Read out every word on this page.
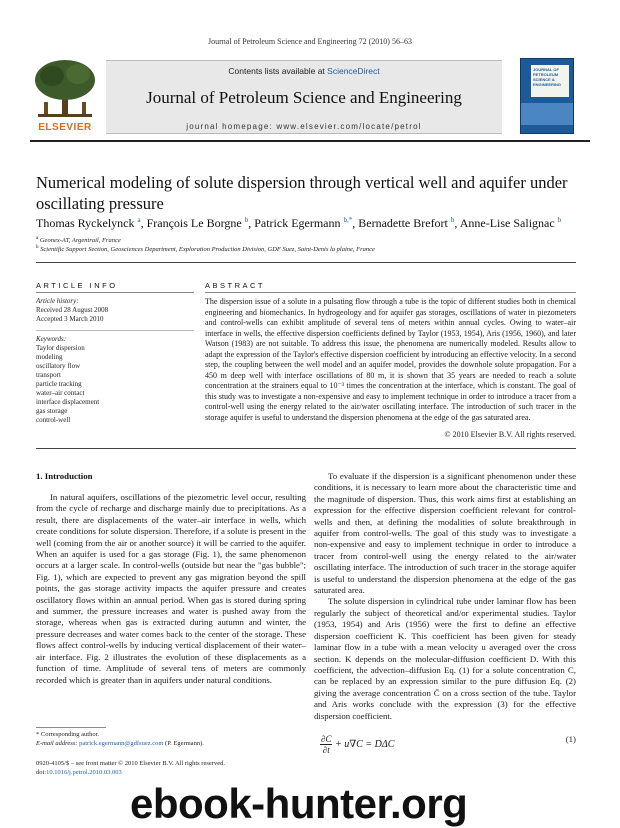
Journal of Petroleum Science and Engineering 72 (2010) 56–63
ELSEVIER
Contents lists available at ScienceDirect
Journal of Petroleum Science and Engineering
journal homepage: www.elsevier.com/locate/petrol
JOURNAL OF PETROLEUM SCIENCE & ENGINEERING
Numerical modeling of solute dispersion through vertical well and aquifer under oscillating pressure
Thomas Ryckelynck $^a$, François Le Borgne $^b$, Patrick Egermann $^{b,*}$, Bernadette Brefort $^b$, Anne-Lise Salignac $^b$
$^a$ Geonex-AT, Argentrail, France
$^b$ Scientific Support Section, Geosciences Department, Exploration Production Division, GDF Suez, Saint-Denis la plaine, France
ARTICLE INFO
Article history:
Received 28 August 2008
Accepted 3 March 2010
Keywords:
Taylor dispersion
modeling
oscillatory flow
transport
particle tracking
water–air contact
interface displacement
gas storage
control-well
ABSTRACT
The dispersion issue of a solute in a pulsating flow through a tube is the topic of different studies both in chemical engineering and biomechanics. In hydrogeology and for aquifer gas storages, oscillations of water in piezometers and control-wells can exhibit amplitude of several tens of meters within annual cycles. Owing to water–air interface in wells, the effective dispersion coefficients defined by Taylor (1953, 1954), Aris (1956, 1960), and later Watson (1983) are not suitable. To address this issue, the phenomena are numerically modeled. Results allow to adapt the expression of the Taylor's effective dispersion coefficient by introducing an effective velocity. In a second step, the coupling between the well model and an aquifer model, provides the downhole solute propagation. For a 450 m deep well with interface oscillations of 80 m, it is shown that 35 years are needed to reach a solute concentration at the strainers equal to 10⁻³ times the concentration at the interface, which is constant. The goal of this study was to investigate a non-expensive and easy to implement technique in order to introduce a tracer from a control-well using the energy related to the air/water oscillating interface. The introduction of such tracer in the storage aquifer is useful to understand the dispersion phenomena at the edge of the gas saturated area.
© 2010 Elsevier B.V. All rights reserved.
1. Introduction

In natural aquifers, oscillations of the piezometric level occur, resulting from the cycle of recharge and discharge mainly due to precipitations. As a result, there are displacements of the water–air interface in wells, which create conditions for solute dispersion. Therefore, if a solute is present in the well (coming from the air or another source) it will be carried to the aquifer. When an aquifer is used for a gas storage (Fig. 1), the same phenomenon occurs at a larger scale. In control-wells (outside but near the "gas bubble"; Fig. 1), which are expected to prevent any gas migration beyond the spill points, the gas storage activity impacts the aquifer pressure and creates oscillatory flows within an annual period. When gas is stored during spring and summer, the pressure increases and water is pushed away from the storage, whereas when gas is extracted during autumn and winter, the pressure decreases and water comes back to the center of the storage. These flows affect control-wells by inducing vertical displacement of their water–air interface. Fig. 2 illustrates the evolution of these displacements as a function of time. Amplitude of several tens of meters are commonly recorded which is greater than in aquifers under natural conditions.

To evaluate if the dispersion is a significant phenomenon under these conditions, it is necessary to learn more about the characteristic time and the magnitude of dispersion. Thus, this work aims first at establishing an expression for the effective dispersion coefficient relevant for control-wells and then, at defining the modalities of solute breakthrough in aquifer from control-wells. The goal of this study was to investigate a non-expensive and easy to implement technique in order to introduce a tracer from control-well using the energy related to the air/water oscillating interface. The introduction of such tracer in the storage aquifer is useful to understand the dispersion phenomena at the edge of the gas saturated area.

The solute dispersion in cylindrical tube under laminar flow has been regularly the subject of theoretical and/or experimental studies. Taylor (1953, 1954) and Aris (1956) were the first to define an effective dispersion coefficient K. This coefficient has been given for steady laminar flow in a tube with a mean velocity u averaged over the cross section. K depends on the molecular-diffusion coefficient D. With this coefficient, the advection–diffusion Eq. (1) for a solute concentration C, can be replaced by an expression similar to the pure diffusion Eq. (2) giving the average concentration C̄ on a cross section of the tube. Taylor and Aris works conclude with the expression (3) for the effective dispersion coefficient.

$\frac{\partial C}{\partial t} + u\nabla C = D\Delta C$	(1)
* Corresponding author.
E-mail address: patrick.egermann@gdfsuez.com (P. Egermann).
0920-4105/$ – see front matter © 2010 Elsevier B.V. All rights reserved.
doi:10.1016/j.petrol.2010.03.003
ebook-hunter.org
